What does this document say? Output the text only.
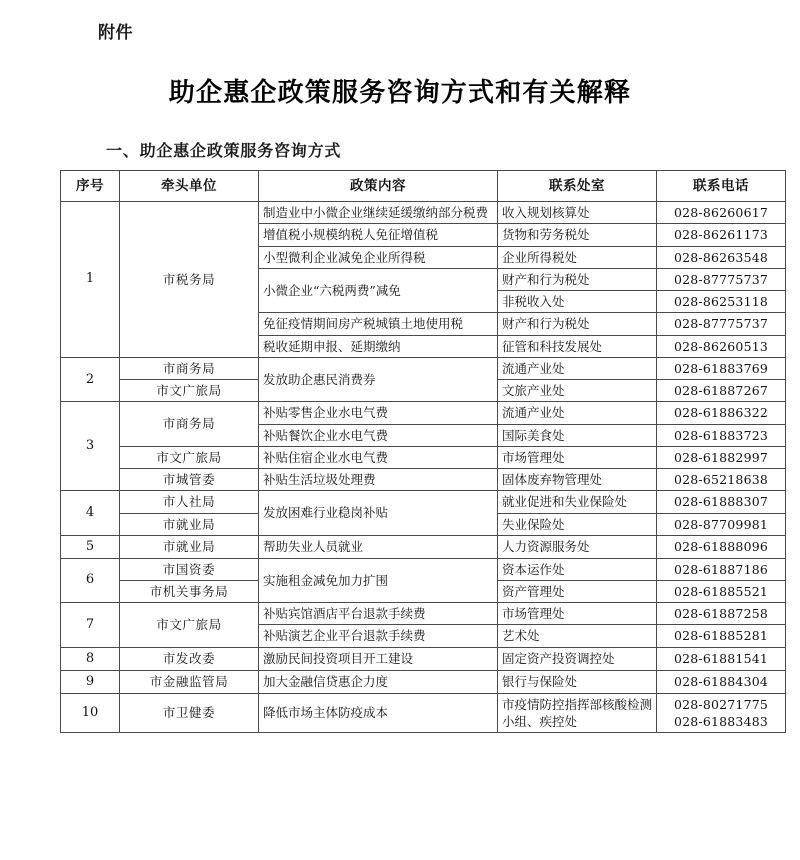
附件
助企惠企政策服务咨询方式和有关解释
一、助企惠企政策服务咨询方式
序号	牵头单位	政策内容	联系处室	联系电话
1	市税务局	制造业中小微企业继续延缓缴纳部分税费	收入规划核算处	028-86260617
		增值税小规模纳税人免征增值税	货物和劳务税处	028-86261173
		小型微利企业减免企业所得税	企业所得税处	028-86263548
		小微企业“六税两费”减免	财产和行为税处	028-87775737
			非税收入处	028-86253118
		免征疫情期间房产税城镇土地使用税	财产和行为税处	028-87775737
		税收延期申报、延期缴纳	征管和科技发展处	028-86260513
2	市商务局	发放助企惠民消费券	流通产业处	028-61883769
	市文广旅局		文旅产业处	028-61887267
3	市商务局	补贴零售企业水电气费	流通产业处	028-61886322
		补贴餐饮企业水电气费	国际美食处	028-61883723
	市文广旅局	补贴住宿企业水电气费	市场管理处	028-61882997
	市城管委	补贴生活垃圾处理费	固体废弃物管理处	028-65218638
4	市人社局	发放困难行业稳岗补贴	就业促进和失业保险处	028-61888307
	市就业局		失业保险处	028-87709981
5	市就业局	帮助失业人员就业	人力资源服务处	028-61888096
6	市国资委	实施租金减免加力扩围	资本运作处	028-61887186
	市机关事务局		资产管理处	028-61885521
7	市文广旅局	补贴宾馆酒店平台退款手续费	市场管理处	028-61887258
		补贴演艺企业平台退款手续费	艺术处	028-61885281
8	市发改委	激励民间投资项目开工建设	固定资产投资调控处	028-61881541
9	市金融监管局	加大金融信贷惠企力度	银行与保险处	028-61884304
10	市卫健委	降低市场主体防疫成本	市疫情防控指挥部核酸检测小组、疾控处	028-80271775
028-61883483
